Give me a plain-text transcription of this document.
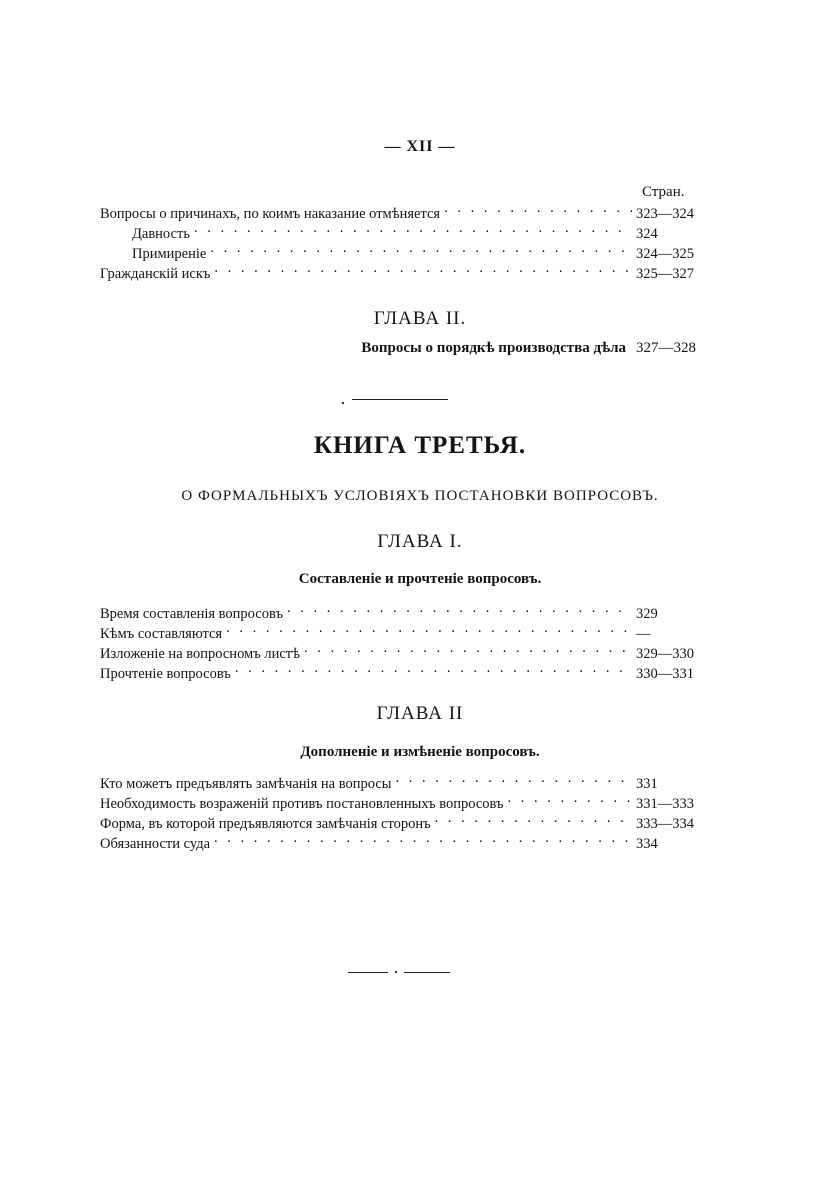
— XII —
Стран.
Вопросы о причинахъ, по коимъ наказание отмѣняется . . .	323—324
Давность . . .	324
Примиреніе . . .	324—325
Гражданскій искъ . . .	325—327
ГЛАВА II.
Вопросы о порядкѣ производства дѣла 327—328
КНИГА ТРЕТЬЯ.
О ФОРМАЛЬНЫХЪ УСЛОВІЯХЪ ПОСТАНОВКИ ВОПРОСОВЪ.
ГЛАВА I.
Составленіе и прочтеніе вопросовъ.
Время составленія вопросовъ . . .	329
Кѣмъ составляются . . .	—
Изложеніе на вопросномъ листѣ . . .	329—330
Прочтеніе вопросовъ . . .	330—331
ГЛАВА II
Дополненіе и измѣненіе вопросовъ.
Кто можетъ предъявлять замѣчанія на вопросы . . .	331
Необходимость возраженій противъ постановленныхъ вопросовъ . . .	331—333
Форма, въ которой предъявляются замѣчанія сторонъ . . .	333—334
Обязанности суда . . .	334
